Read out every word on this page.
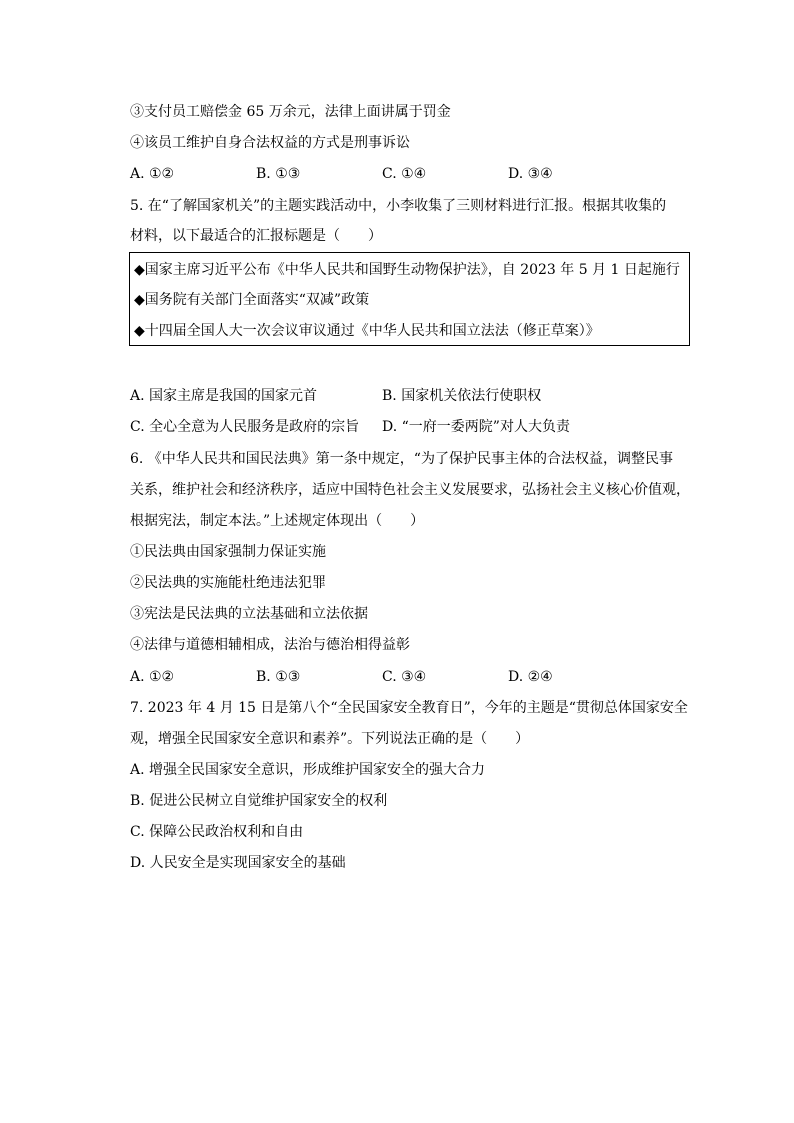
③支付员工赔偿金 65 万余元，法律上面讲属于罚金
④该员工维护自身合法权益的方式是刑事诉讼
A. ①②	B. ①③	C. ①④	D. ③④
5. 在“了解国家机关”的主题实践活动中，小李收集了三则材料进行汇报。根据其收集的
材料，以下最适合的汇报标题是（　　）
◆国家主席习近平公布《中华人民共和国野生动物保护法》，自 2023 年 5 月 1 日起施行
◆国务院有关部门全面落实“双减”政策
◆十四届全国人大一次会议审议通过《中华人民共和国立法法（修正草案）》
A. 国家主席是我国的国家元首	B. 国家机关依法行使职权
C. 全心全意为人民服务是政府的宗旨 D. “一府一委两院”对人大负责
6. 《中华人民共和国民法典》第一条中规定，“为了保护民事主体的合法权益，调整民事
关系，维护社会和经济秩序，适应中国特色社会主义发展要求，弘扬社会主义核心价值观，
根据宪法，制定本法。”上述规定体现出（　　）
①民法典由国家强制力保证实施
②民法典的实施能杜绝违法犯罪
③宪法是民法典的立法基础和立法依据
④法律与道德相辅相成，法治与德治相得益彰
A. ①②	B. ①③	C. ③④	D. ②④
7. 2023 年 4 月 15 日是第八个“全民国家安全教育日”，今年的主题是“贯彻总体国家安全
观，增强全民国家安全意识和素养”。下列说法正确的是（　　）
A. 增强全民国家安全意识，形成维护国家安全的强大合力
B. 促进公民树立自觉维护国家安全的权利
C. 保障公民政治权利和自由
D. 人民安全是实现国家安全的基础
